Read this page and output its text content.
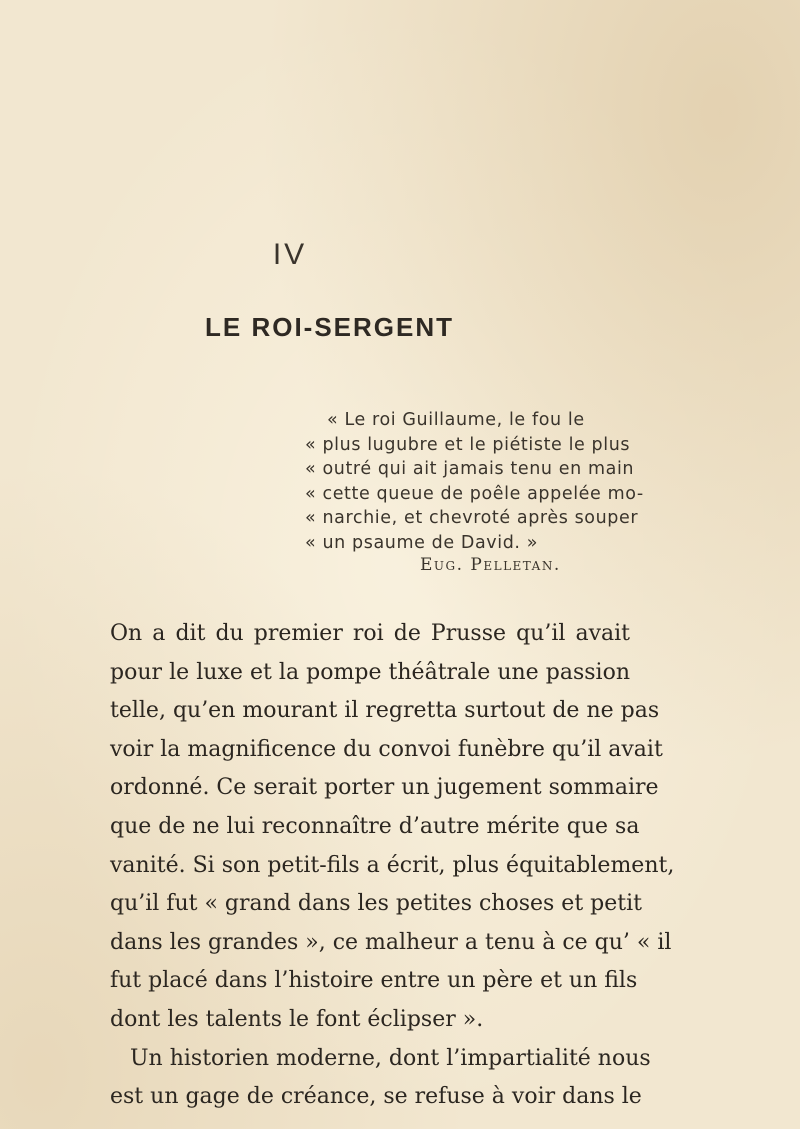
IV
LE ROI-SERGENT
« Le roi Guillaume, le fou le
« plus lugubre et le piétiste le plus
« outré qui ait jamais tenu en main
« cette queue de poêle appelée mo-
« narchie, et chevroté après souper
« un psaume de David. »
Eug. Pelletan.
On a dit du premier roi de Prusse qu’il avait
pour le luxe et la pompe théâtrale une passion
telle, qu’en mourant il regretta surtout de ne pas
voir la magnificence du convoi funèbre qu’il avait
ordonné. Ce serait porter un jugement sommaire
que de ne lui reconnaître d’autre mérite que sa
vanité. Si son petit-fils a écrit, plus équitablement,
qu’il fut « grand dans les petites choses et petit
dans les grandes », ce malheur a tenu à ce qu’ « il
fut placé dans l’histoire entre un père et un fils
dont les talents le font éclipser ».
Un historien moderne, dont l’impartialité nous
est un gage de créance, se refuse à voir dans le
